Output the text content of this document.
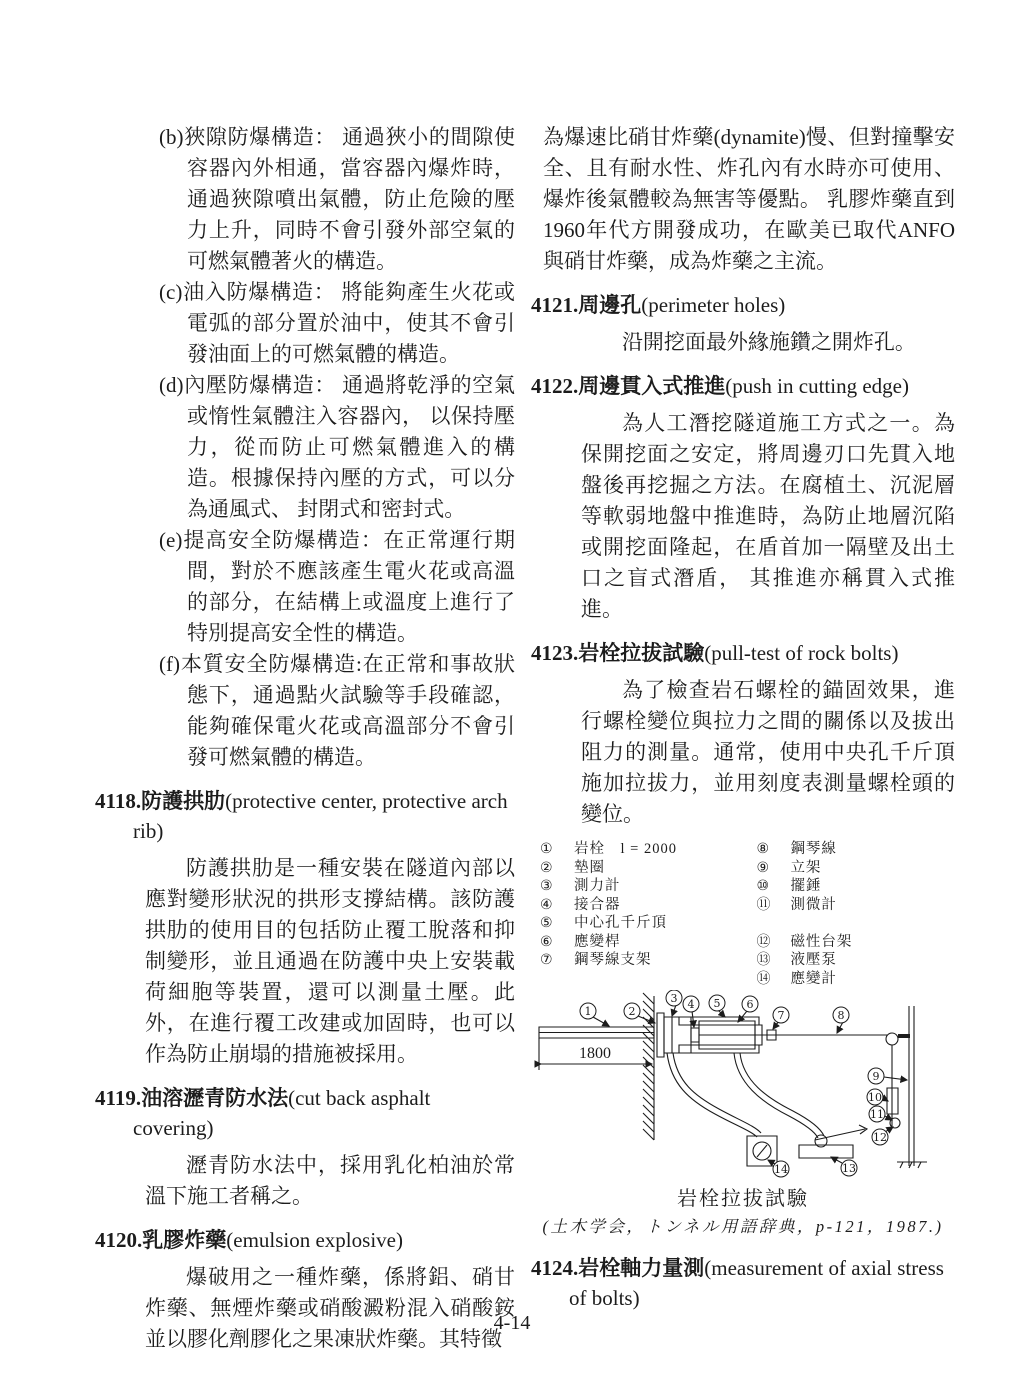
(b)狹隙防爆構造： 通過狹小的間隙使容器內外相通，當容器內爆炸時，通過狹隙噴出氣體，防止危險的壓力上升，同時不會引發外部空氣的可燃氣體著火的構造。
(c)油入防爆構造： 將能夠產生火花或電弧的部分置於油中，使其不會引發油面上的可燃氣體的構造。
(d)內壓防爆構造： 通過將乾淨的空氣或惰性氣體注入容器內， 以保持壓力，從而防止可燃氣體進入的構造。根據保持內壓的方式，可以分為通風式、 封閉式和密封式。
(e)提高安全防爆構造：在正常運行期間，對於不應該產生電火花或高溫的部分，在結構上或溫度上進行了特別提高安全性的構造。
(f)本質安全防爆構造:在正常和事故狀態下，通過點火試驗等手段確認，能夠確保電火花或高溫部分不會引發可燃氣體的構造。
4118.防護拱肋(protective center, protective arch rib)
防護拱肋是一種安裝在隧道內部以應對變形狀況的拱形支撐結構。該防護拱肋的使用目的包括防止覆工脫落和抑制變形，並且通過在防護中央上安裝載荷細胞等裝置，還可以測量土壓。此外，在進行覆工改建或加固時，也可以作為防止崩塌的措施被採用。
4119.油溶瀝青防水法(cut back asphalt covering)
瀝青防水法中，採用乳化柏油於常溫下施工者稱之。
4120.乳膠炸藥(emulsion explosive)
爆破用之一種炸藥，係將鋁、硝甘炸藥、無煙炸藥或硝酸澱粉混入硝酸銨並以膠化劑膠化之果凍狀炸藥。其特徵
為爆速比硝甘炸藥(dynamite)慢、但對撞擊安全、且有耐水性、炸孔內有水時亦可使用、爆炸後氣體較為無害等優點。 乳膠炸藥直到1960年代方開發成功，在歐美已取代ANFO與硝甘炸藥，成為炸藥之主流。
4121.周邊孔(perimeter holes)
沿開挖面最外緣施鑽之開炸孔。
4122.周邊貫入式推進(push in cutting edge)
為人工潛挖隧道施工方式之一。為保開挖面之安定，將周邊刃口先貫入地盤後再挖掘之方法。在腐植土、沉泥層等軟弱地盤中推進時，為防止地層沉陷或開挖面隆起，在盾首加一隔壁及出土口之盲式潛盾， 其推進亦稱貫入式推進。
4123.岩栓拉拔試驗(pull-test of rock bolts)
為了檢查岩石螺栓的錨固效果，進行螺栓變位與拉力之間的關係以及拔出阻力的測量。通常，使用中央孔千斤頂施加拉拔力，並用刻度表測量螺栓頭的變位。
①	岩栓　l = 2000
②	墊圈
③	測力計
④	接合器
⑤	中心孔千斤頂
⑥	應變桿
⑦	鋼琴線支架
⑧	鋼琴線
⑨	立架
⑩	擺錘
⑪	測微計
⑫	磁性台架
⑬	液壓泵
⑭	應變計
1800
1	2
3 4 5 6
7	8
9
10
11
12
13
14
岩栓拉拔試驗
(土木学会，トンネル用語辞典，p-121，1987.)
4124.岩栓軸力量測(measurement of axial stress of bolts)
4-14
